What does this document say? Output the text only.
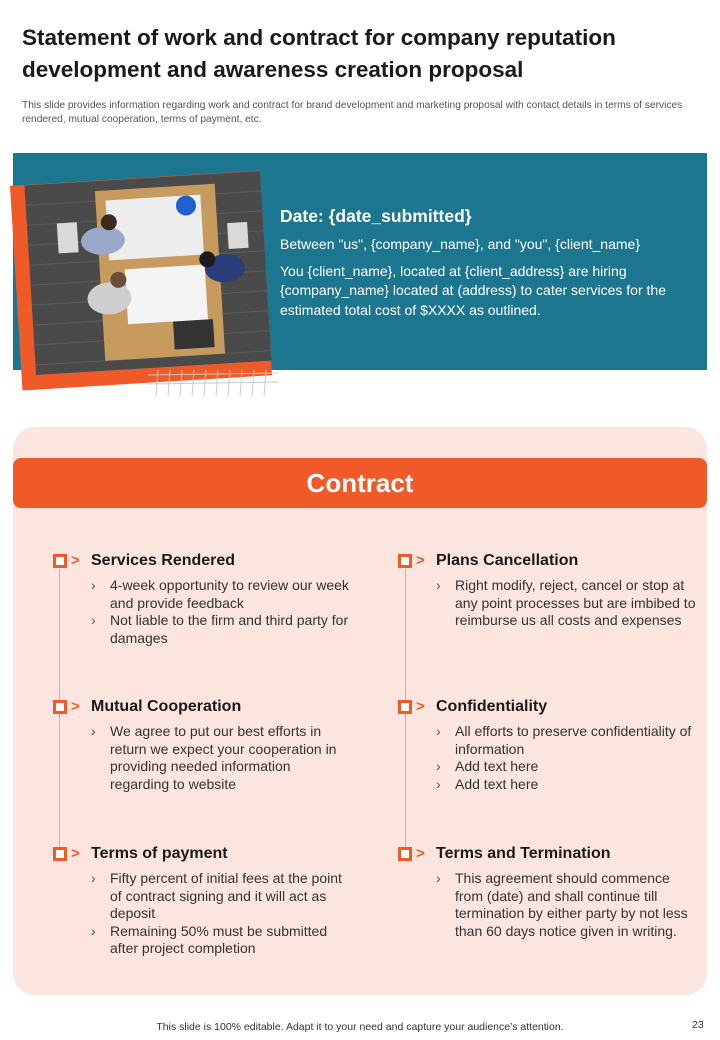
Statement of work and contract for company reputation development and awareness creation proposal
This slide provides information regarding work and contract for brand development and marketing proposal with contact details in terms of services rendered, mutual cooperation, terms of payment, etc.
Date: {date_submitted}
Between "us", {company_name}, and "you", {client_name}
You {client_name}, located at {client_address} are hiring {company_name} located at (address) to cater services for the estimated total cost of $XXXX as outlined.
Contract
> Services Rendered
› 4-week opportunity to review our week and provide feedback
› Not liable to the firm and third party for damages
> Plans Cancellation
› Right modify, reject, cancel or stop at any point processes but are imbibed to reimburse us all costs and expenses
> Mutual Cooperation
› We agree to put our best efforts in return we expect your cooperation in providing needed information regarding to website
> Confidentiality
› All efforts to preserve confidentiality of information
› Add text here
› Add text here
> Terms of payment
› Fifty percent of initial fees at the point of contract signing and it will act as deposit
› Remaining 50% must be submitted after project completion
> Terms and Termination
› This agreement should commence from (date) and shall continue till termination by either party by not less than 60 days notice given in writing.
This slide is 100% editable. Adapt it to your need and capture your audience’s attention.	23
